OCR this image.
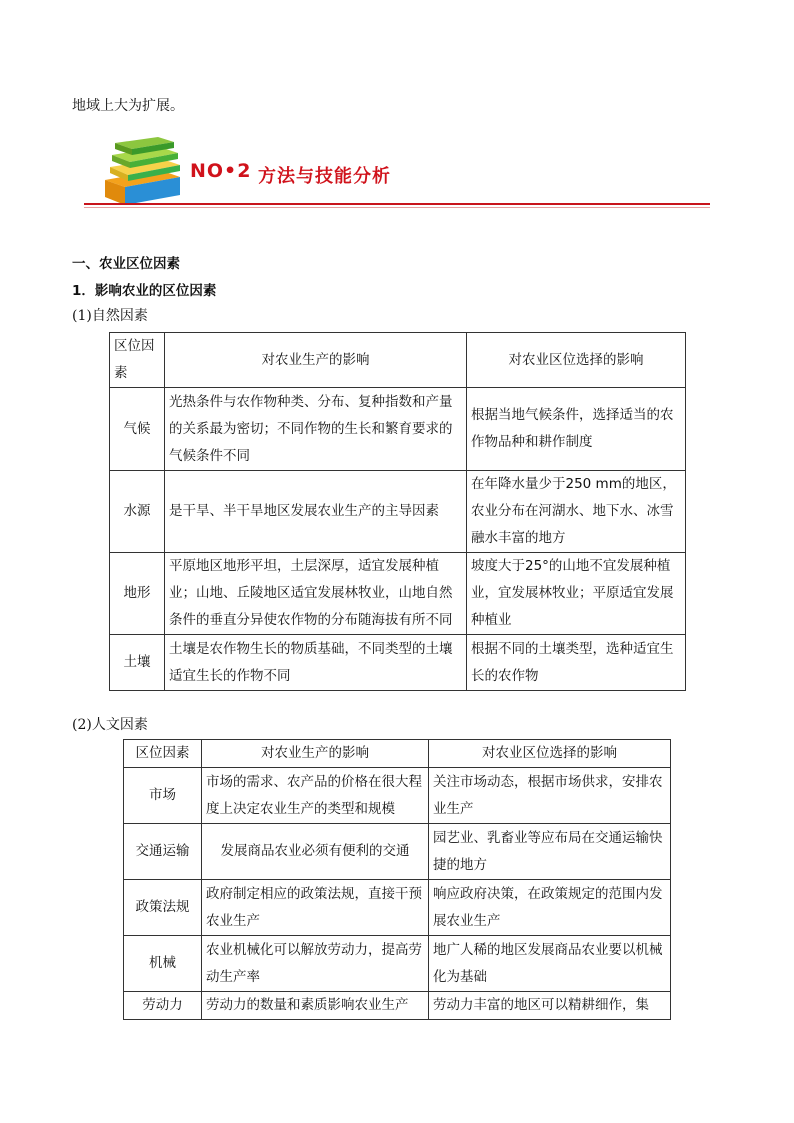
地域上大为扩展。
NO•2 方法与技能分析
一、农业区位因素
1．影响农业的区位因素
(1)自然因素
区位因素	对农业生产的影响	对农业区位选择的影响
气候	光热条件与农作物种类、分布、复种指数和产量的关系最为密切；不同作物的生长和繁育要求的气候条件不同	根据当地气候条件，选择适当的农作物品种和耕作制度
水源	是干旱、半干旱地区发展农业生产的主导因素	在年降水量少于250 mm的地区，农业分布在河湖水、地下水、冰雪融水丰富的地方
地形	平原地区地形平坦，土层深厚，适宜发展种植业；山地、丘陵地区适宜发展林牧业，山地自然条件的垂直分异使农作物的分布随海拔有所不同	坡度大于25°的山地不宜发展种植业，宜发展林牧业；平原适宜发展种植业
土壤	土壤是农作物生长的物质基础，不同类型的土壤适宜生长的作物不同	根据不同的土壤类型，选种适宜生长的农作物
(2)人文因素
区位因素	对农业生产的影响	对农业区位选择的影响
市场	市场的需求、农产品的价格在很大程度上决定农业生产的类型和规模	关注市场动态，根据市场供求，安排农业生产
交通运输	发展商品农业必须有便利的交通	园艺业、乳畜业等应布局在交通运输快捷的地方
政策法规	政府制定相应的政策法规，直接干预农业生产	响应政府决策，在政策规定的范围内发展农业生产
机械	农业机械化可以解放劳动力，提高劳动生产率	地广人稀的地区发展商品农业要以机械化为基础
劳动力	劳动力的数量和素质影响农业生产	劳动力丰富的地区可以精耕细作，集
